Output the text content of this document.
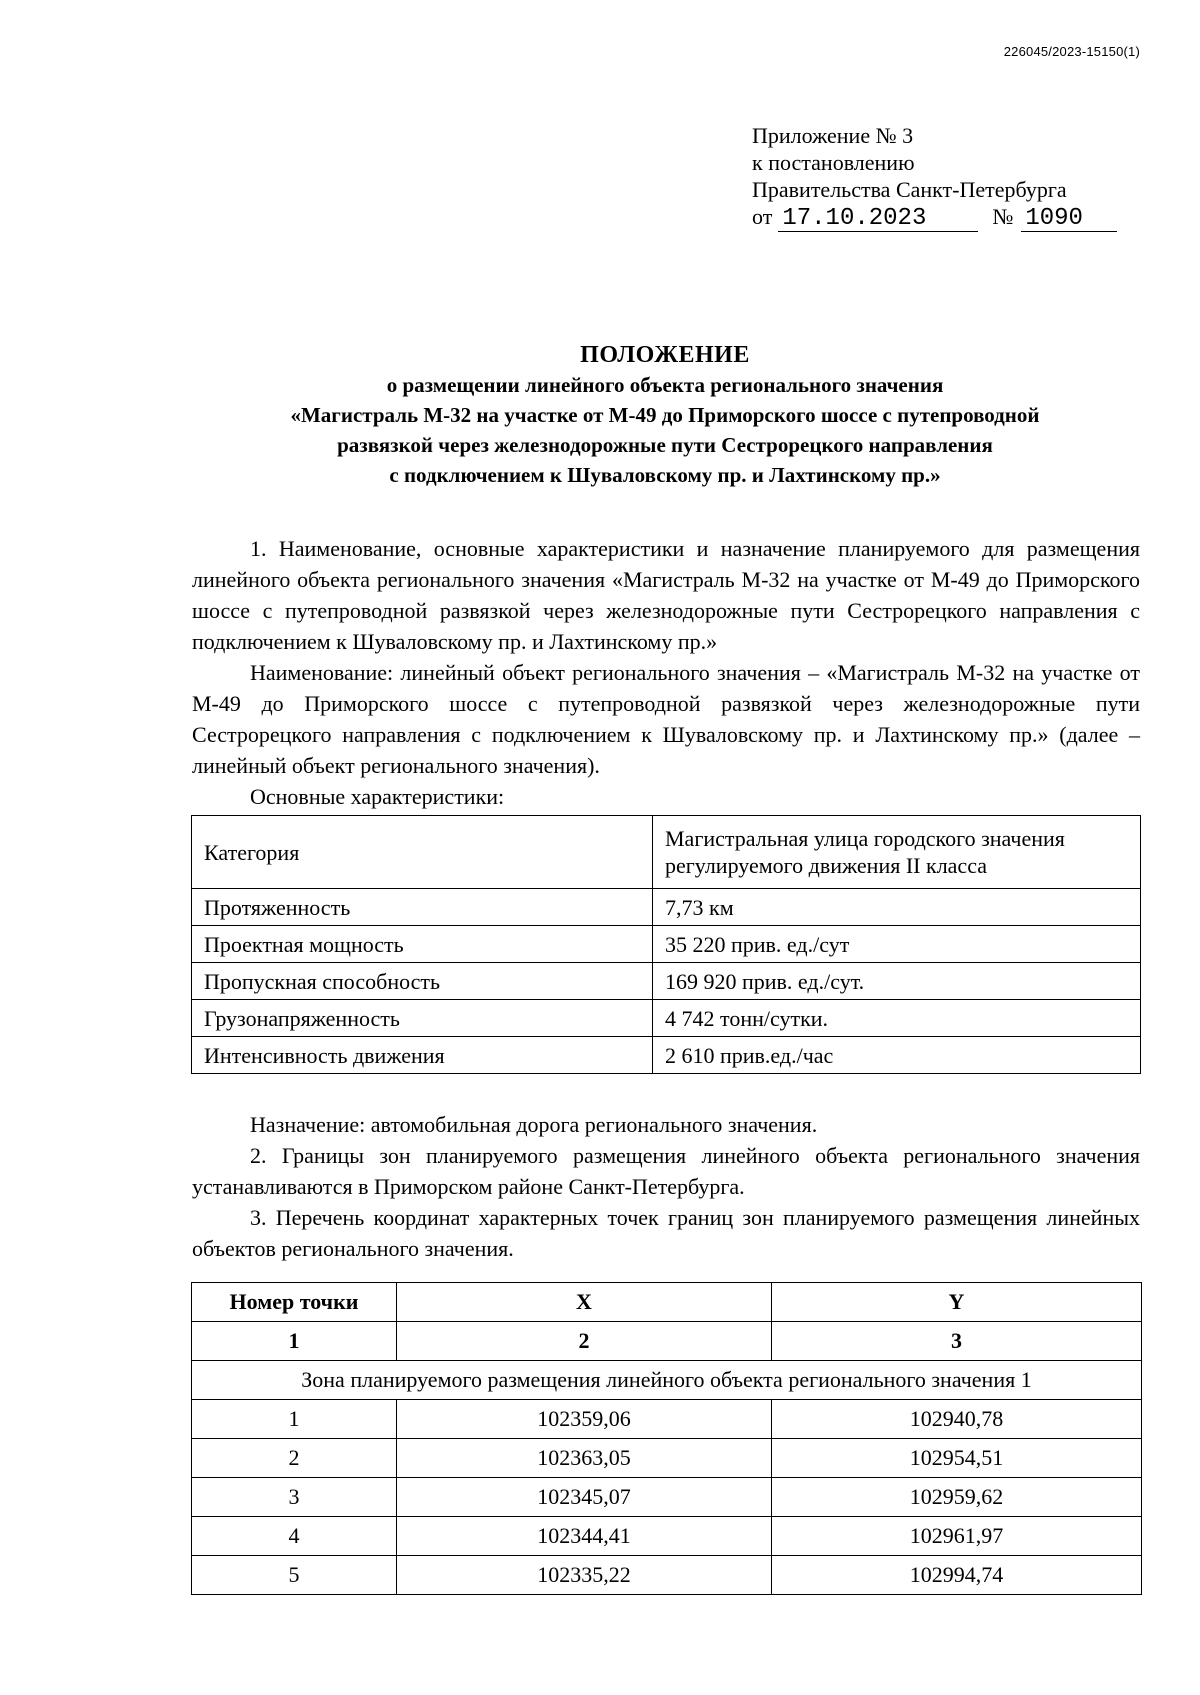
226045/2023-15150(1)
Приложение № 3
к постановлению
Правительства Санкт-Петербурга
от 17.10.2023	№ 1090
ПОЛОЖЕНИЕ
о размещении линейного объекта регионального значения
«Магистраль М-32 на участке от М-49 до Приморского шоссе с путепроводной
развязкой через железнодорожные пути Сестрорецкого направления
с подключением к Шуваловскому пр. и Лахтинскому пр.»
1. Наименование, основные характеристики и назначение планируемого для размещения линейного объекта регионального значения «Магистраль М-32 на участке от М-49 до Приморского шоссе с путепроводной развязкой через железнодорожные пути Сестрорецкого направления с подключением к Шуваловскому пр. и Лахтинскому пр.»
Наименование: линейный объект регионального значения – «Магистраль М-32 на участке от М-49 до Приморского шоссе с путепроводной развязкой через железнодорожные пути Сестрорецкого направления с подключением к Шуваловскому пр. и Лахтинскому пр.» (далее – линейный объект регионального значения).
Основные характеристики:
Категория	Магистральная улица городского значения регулируемого движения II класса
Протяженность	7,73 км
Проектная мощность	35 220 прив. ед./сут
Пропускная способность	169 920 прив. ед./сут.
Грузонапряженность	4 742 тонн/сутки.
Интенсивность движения	2 610 прив.ед./час
Назначение: автомобильная дорога регионального значения.
2. Границы зон планируемого размещения линейного объекта регионального значения устанавливаются в Приморском районе Санкт-Петербурга.
3. Перечень координат характерных точек границ зон планируемого размещения линейных объектов регионального значения.
Номер точки	X	Y
1	2	3
Зона планируемого размещения линейного объекта регионального значения 1		
1	102359,06	102940,78
2	102363,05	102954,51
3	102345,07	102959,62
4	102344,41	102961,97
5	102335,22	102994,74
